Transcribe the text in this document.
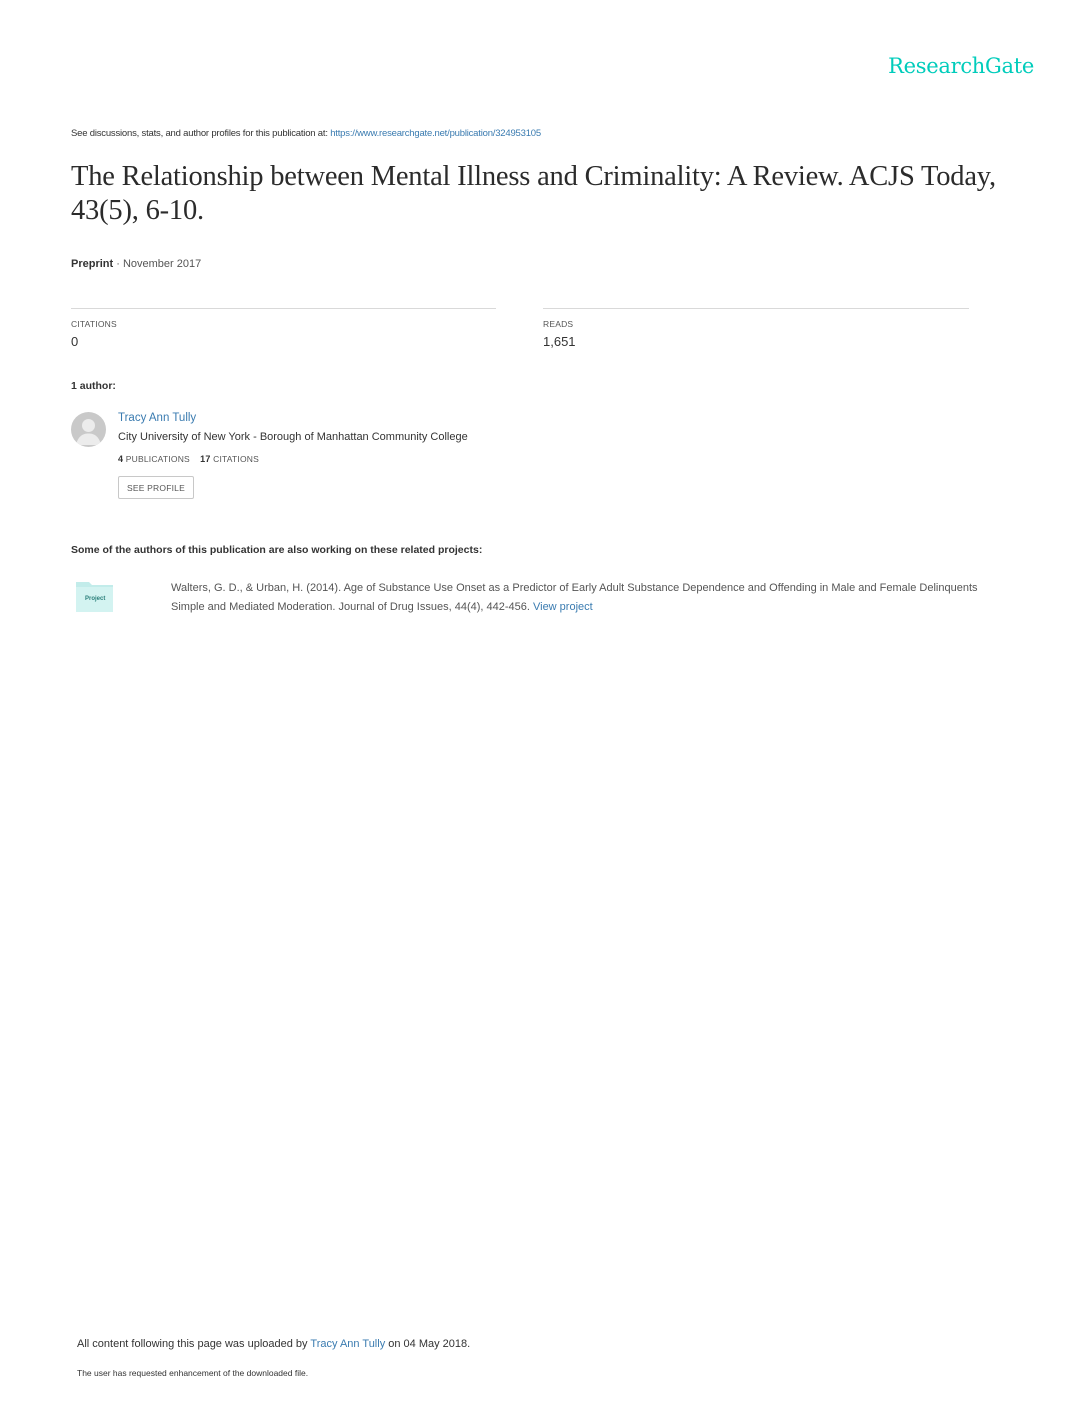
ResearchGate
See discussions, stats, and author profiles for this publication at: https://www.researchgate.net/publication/324953105
The Relationship between Mental Illness and Criminality: A Review. ACJS Today, 43(5), 6-10.
Preprint · November 2017
CITATIONS
0
READS
1,651
1 author:
Tracy Ann Tully
City University of New York - Borough of Manhattan Community College
4 PUBLICATIONS 17 CITATIONS
SEE PROFILE
Some of the authors of this publication are also working on these related projects:
Project
Walters, G. D., & Urban, H. (2014). Age of Substance Use Onset as a Predictor of Early Adult Substance Dependence and Offending in Male and Female Delinquents Simple and Mediated Moderation. Journal of Drug Issues, 44(4), 442-456. View project
All content following this page was uploaded by Tracy Ann Tully on 04 May 2018.
The user has requested enhancement of the downloaded file.
